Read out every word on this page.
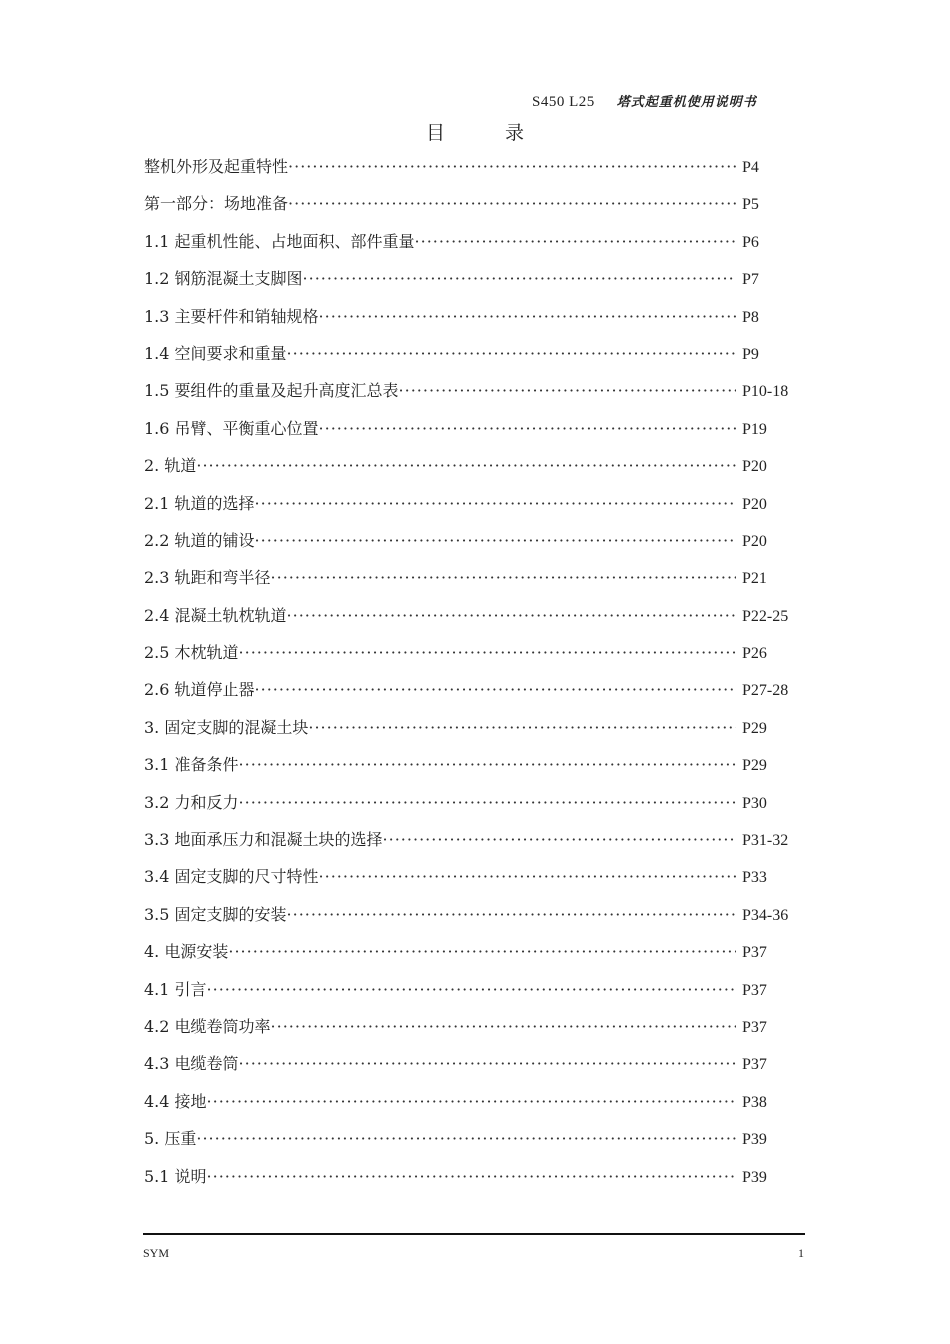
S450 L25 塔式起重机使用说明书
目录
整机外形及起重特性 ·····	P4
第一部分：场地准备 ·····	P5
1.1 起重机性能、占地面积、部件重量 ·····	P6
1.2 钢筋混凝土支脚图 ·····	P7
1.3 主要杆件和销轴规格 ·····	P8
1.4 空间要求和重量 ·····	P9
1.5 要组件的重量及起升高度汇总表 ·····	P10-18
1.6 吊臂、平衡重心位置 ·····	P19
2. 轨道 ·····	P20
2.1 轨道的选择 ·····	P20
2.2 轨道的铺设 ·····	P20
2.3 轨距和弯半径 ·····	P21
2.4 混凝土轨枕轨道 ·····	P22-25
2.5 木枕轨道 ·····	P26
2.6 轨道停止器 ·····	P27-28
3. 固定支脚的混凝土块 ·····	P29
3.1 准备条件 ·····	P29
3.2 力和反力 ·····	P30
3.3 地面承压力和混凝土块的选择 ·····	P31-32
3.4 固定支脚的尺寸特性 ·····	P33
3.5 固定支脚的安装 ·····	P34-36
4. 电源安装 ·····	P37
4.1 引言 ·····	P37
4.2 电缆卷筒功率 ·····	P37
4.3 电缆卷筒 ·····	P37
4.4 接地 ·····	P38
5. 压重 ·····	P39
5.1 说明 ·····	P39
SYM	1
